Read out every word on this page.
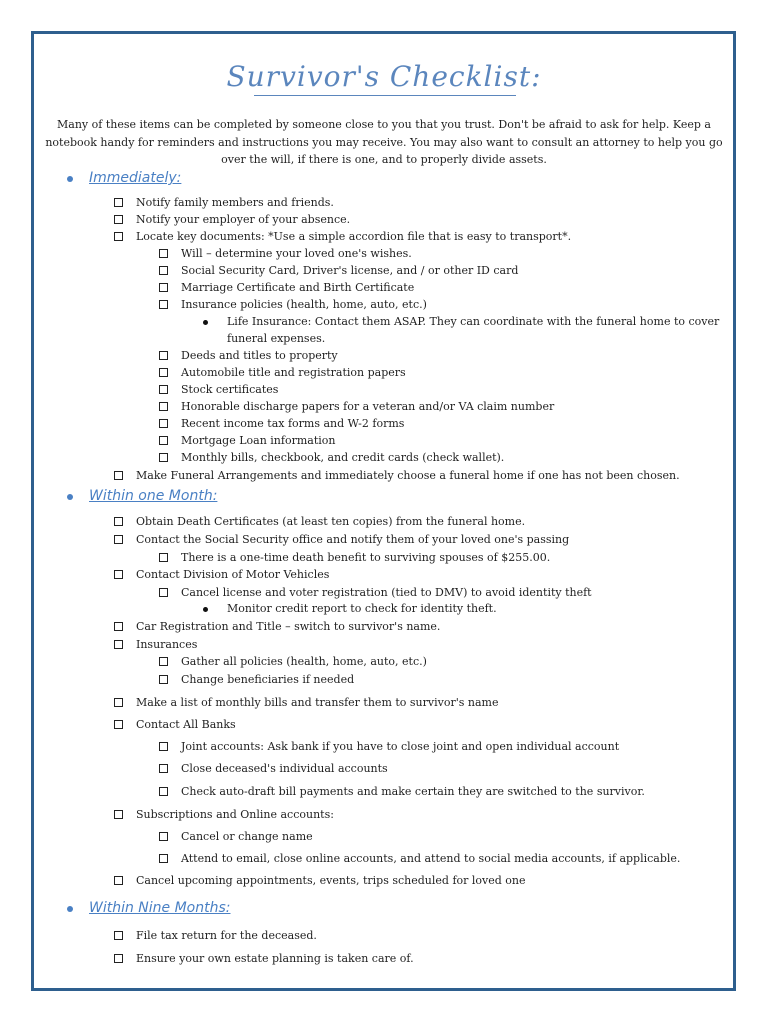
Survivor's Checklist:
Many of these items can be completed by someone close to you that you trust. Don't be afraid to ask for help. Keep a notebook handy for reminders and instructions you may receive. You may also want to consult an attorney to help you go over the will, if there is one, and to properly divide assets.
Immediately:
Notify family members and friends.
Notify your employer of your absence.
Locate key documents: *Use a simple accordion file that is easy to transport*.
Will – determine your loved one's wishes.
Social Security Card, Driver's license, and / or other ID card
Marriage Certificate and Birth Certificate
Insurance policies (health, home, auto, etc.)
Life Insurance: Contact them ASAP. They can coordinate with the funeral home to cover
funeral expenses.
Deeds and titles to property
Automobile title and registration papers
Stock certificates
Honorable discharge papers for a veteran and/or VA claim number
Recent income tax forms and W-2 forms
Mortgage Loan information
Monthly bills, checkbook, and credit cards (check wallet).
Make Funeral Arrangements and immediately choose a funeral home if one has not been chosen.
Within one Month:
Obtain Death Certificates (at least ten copies) from the funeral home.
Contact the Social Security office and notify them of your loved one's passing
There is a one-time death benefit to surviving spouses of $255.00.
Contact Division of Motor Vehicles
Cancel license and voter registration (tied to DMV) to avoid identity theft
Monitor credit report to check for identity theft.
Car Registration and Title – switch to survivor's name.
Insurances
Gather all policies (health, home, auto, etc.)
Change beneficiaries if needed
Make a list of monthly bills and transfer them to survivor's name
Contact All Banks
Joint accounts: Ask bank if you have to close joint and open individual account
Close deceased's individual accounts
Check auto-draft bill payments and make certain they are switched to the survivor.
Subscriptions and Online accounts:
Cancel or change name
Attend to email, close online accounts, and attend to social media accounts, if applicable.
Cancel upcoming appointments, events, trips scheduled for loved one
Within Nine Months:
File tax return for the deceased.
Ensure your own estate planning is taken care of.
